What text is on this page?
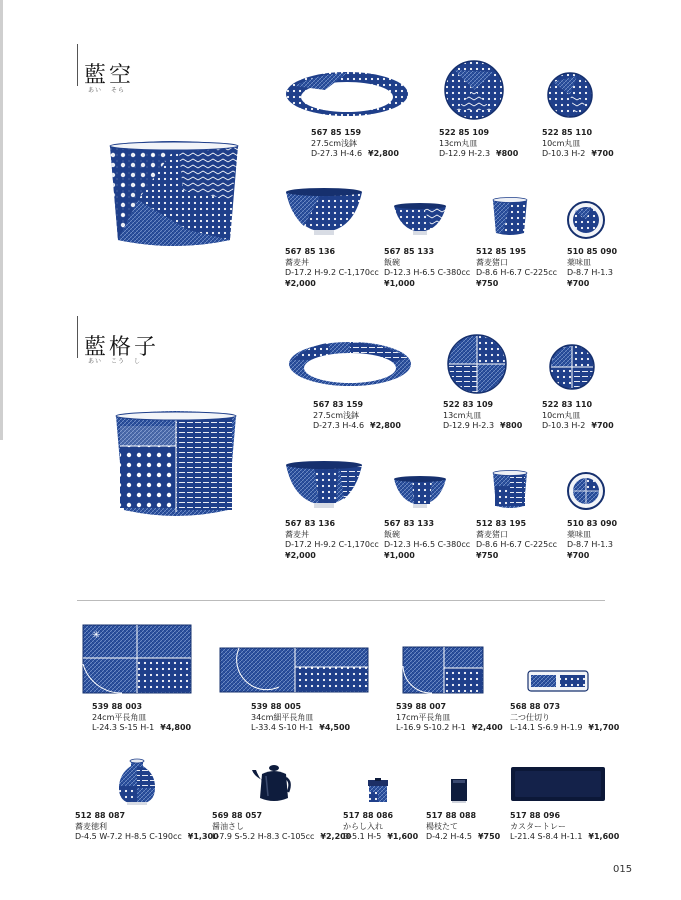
藍空
あい そら
567 85 159
27.5cm浅鉢
D-27.3 H-4.6 ¥2,800
522 85 109
13cm丸皿
D-12.9 H-2.3 ¥800
522 85 110
10cm丸皿
D-10.3 H-2 ¥700
567 85 136
蕎麦丼
D-17.2 H-9.2 C-1,170cc
¥2,000
567 85 133
飯碗
D-12.3 H-6.5 C-380cc
¥1,000
512 85 195
蕎麦猪口
D-8.6 H-6.7 C-225cc
¥750
510 85 090
薬味皿
D-8.7 H-1.3
¥700
藍格子
あい こう し
567 83 159
27.5cm浅鉢
D-27.3 H-4.6 ¥2,800
522 83 109
13cm丸皿
D-12.9 H-2.3 ¥800
522 83 110
10cm丸皿
D-10.3 H-2 ¥700
567 83 136
蕎麦丼
D-17.2 H-9.2 C-1,170cc
¥2,000
567 83 133
飯碗
D-12.3 H-6.5 C-380cc
¥1,000
512 83 195
蕎麦猪口
D-8.6 H-6.7 C-225cc
¥750
510 83 090
薬味皿
D-8.7 H-1.3
¥700
✳
539 88 003
24cm平長角皿
L-24.3 S-15 H-1 ¥4,800
539 88 005
34cm細平長角皿
L-33.4 S-10 H-1 ¥4,500
539 88 007
17cm平長角皿
L-16.9 S-10.2 H-1 ¥2,400
568 88 073
二つ仕切り
L-14.1 S-6.9 H-1.9 ¥1,700
512 88 087
蕎麦徳利
D-4.5 W-7.2 H-8.5 C-190cc ¥1,300
569 88 057
醤油さし
L-7.9 S-5.2 H-8.3 C-105cc ¥2,200
517 88 086
からし入れ
D-5.1 H-5 ¥1,600
517 88 088
楊枝たて
D-4.2 H-4.5 ¥750
517 88 096
カスタートレー
L-21.4 S-8.4 H-1.1 ¥1,600
015
